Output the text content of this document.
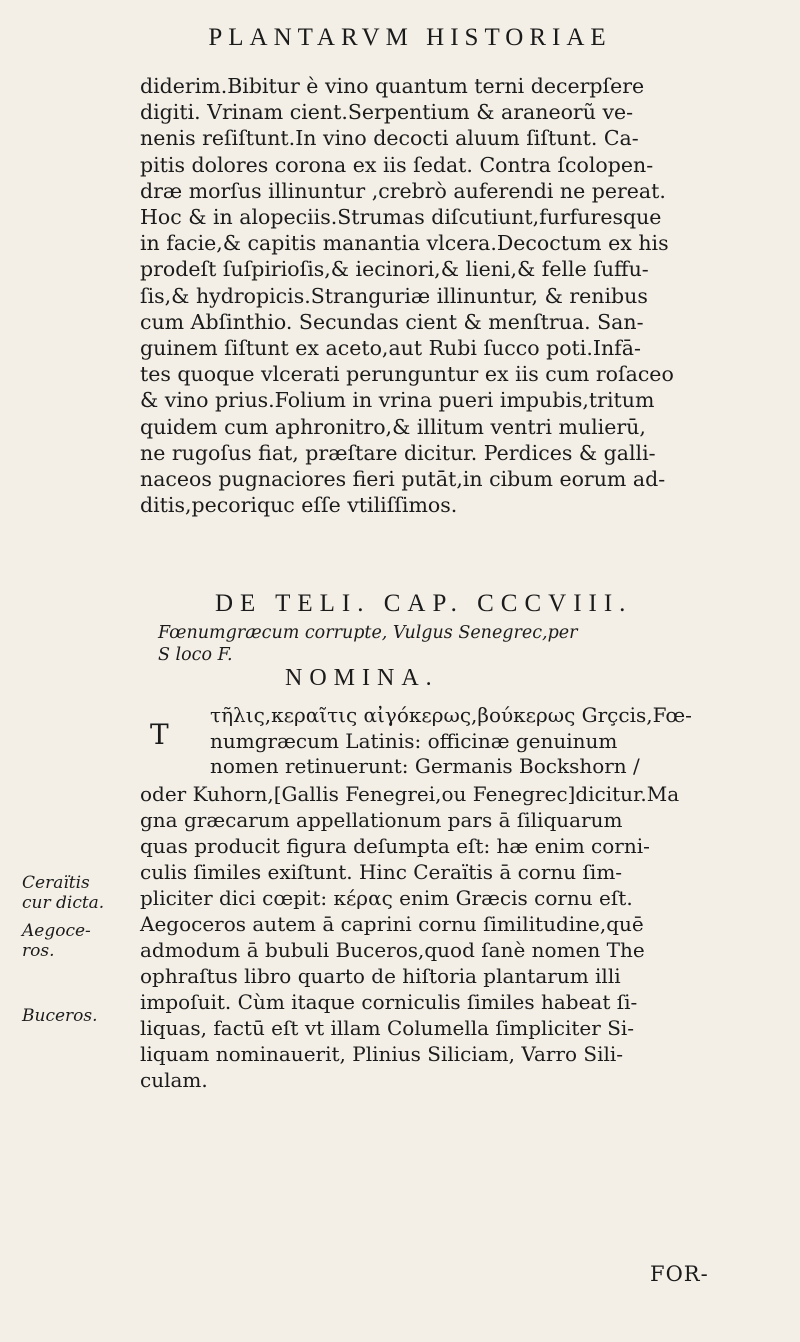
PLANTARVM HISTORIAE
diderim.Bibitur è vino quantum terni decerpſere
digiti. Vrinam cient.Serpentium & araneorũ ve-
nenis reſiſtunt.In vino decocti aluum ſiſtunt. Ca-
pitis dolores corona ex iis ſedat. Contra ſcolopen-
dræ morſus illinuntur ,crebrò auferendi ne pereat.
Hoc & in alopeciis.Strumas diſcutiunt,furfuresque
in facie,& capitis manantia vlcera.Decoctum ex his
prodeſt ſuſpirioſis,& iecinori,& lieni,& felle ſuffu-
ſis,& hydropicis.Stranguriæ illinuntur, & renibus
cum Abſinthio. Secundas cient & menſtrua. San-
guinem ſiſtunt ex aceto,aut Rubi ſucco poti.Infā-
tes quoque vlcerati perunguntur ex iis cum roſaceo
& vino prius.Folium in vrina pueri impubis,tritum
quidem cum aphronitro,& illitum ventri mulierū,
ne rugoſus fiat, præſtare dicitur. Perdices & galli-
naceos pugnaciores fieri putāt,in cibum eorum ad-
ditis,pecoriquc eſſe vtiliſſimos.
DE TELI. CAP. CCCVIII.
Fœnumgræcum corrupte, Vulgus Senegrec,per
S loco F.
NOMINA.
T
τῆλις,κεραῖτις αἰγόκερως,βούκερως Grçcis,Fœ-
numgræcum Latinis: officinæ genuinum
nomen retinuerunt: Germanis Bockshorn /
oder Kuhorn,[Gallis Fenegrei,ou Fenegrec]dicitur.Ma
gna græcarum appellationum pars ā ſiliquarum
quas producit figura deſumpta eſt: hæ enim corni-
culis ſimiles exiſtunt. Hinc Ceraïtis ā cornu ſim-
pliciter dici cœpit: κέρας enim Græcis cornu eſt.
Aegoceros autem ā caprini cornu ſimilitudine,quē
admodum ā bubuli Buceros,quod ſanè nomen The
ophraſtus libro quarto de hiſtoria plantarum illi
impoſuit. Cùm itaque corniculis ſimiles habeat ſi-
liquas, factū eſt vt illam Columella ſimpliciter Si-
liquam nominauerit, Plinius Siliciam, Varro Sili-
culam.
Ceraïtis
cur dicta.
Aegoce-
ros.
Buceros.
FOR-
